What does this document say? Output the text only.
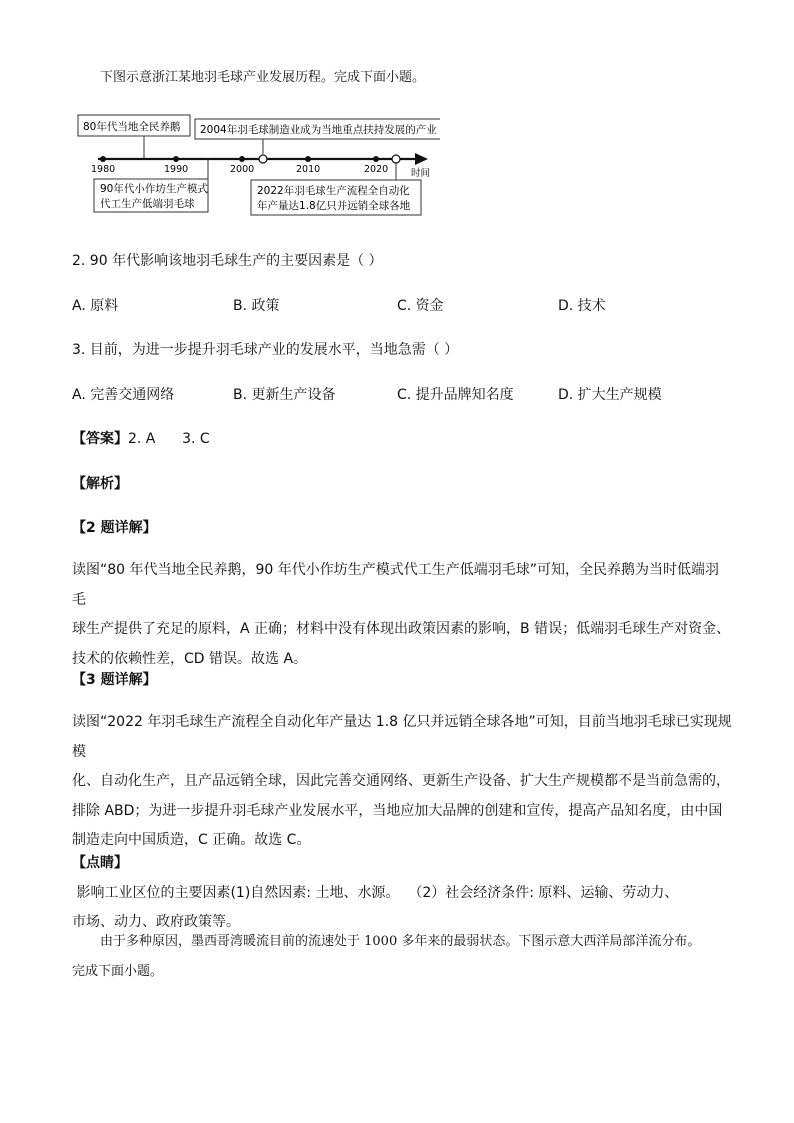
下图示意浙江某地羽毛球产业发展历程。完成下面小题。
80年代当地全民养鹅 2004年羽毛球制造业成为当地重点扶持发展的产业
1980	1990	2000	2010	2020 时间
90年代小作坊生产模式
代工生产低端羽毛球
2022年羽毛球生产流程全自动化
年产量达1.8亿只并远销全球各地
2. 90 年代影响该地羽毛球生产的主要因素是（ ）
A. 原料	B. 政策	C. 资金	D. 技术
3. 目前，为进一步提升羽毛球产业的发展水平，当地急需（ ）
A. 完善交通网络	B. 更新生产设备	C. 提升品牌知名度	D. 扩大生产规模
【答案】2. A      3. C
【解析】
【2 题详解】
读图“80 年代当地全民养鹅，90 年代小作坊生产模式代工生产低端羽毛球”可知，全民养鹅为当时低端羽毛
球生产提供了充足的原料，A 正确；材料中没有体现出政策因素的影响，B 错误；低端羽毛球生产对资金、
技术的依赖性差，CD 错误。故选 A。
【3 题详解】
读图“2022 年羽毛球生产流程全自动化年产量达 1.8 亿只并远销全球各地”可知，目前当地羽毛球已实现规模
化、自动化生产，且产品远销全球，因此完善交通网络、更新生产设备、扩大生产规模都不是当前急需的，
排除 ABD；为进一步提升羽毛球产业发展水平，当地应加大品牌的创建和宣传，提高产品知名度，由中国
制造走向中国质造，C 正确。故选 C。
【点睛】 影响工业区位的主要因素(1)自然因素: 土地、水源。  （2）社会经济条件: 原料、运输、劳动力、
市场、动力、政府政策等。
由于多种原因，墨西哥湾暖流目前的流速处于 1000 多年来的最弱状态。下图示意大西洋局部洋流分布。
完成下面小题。
